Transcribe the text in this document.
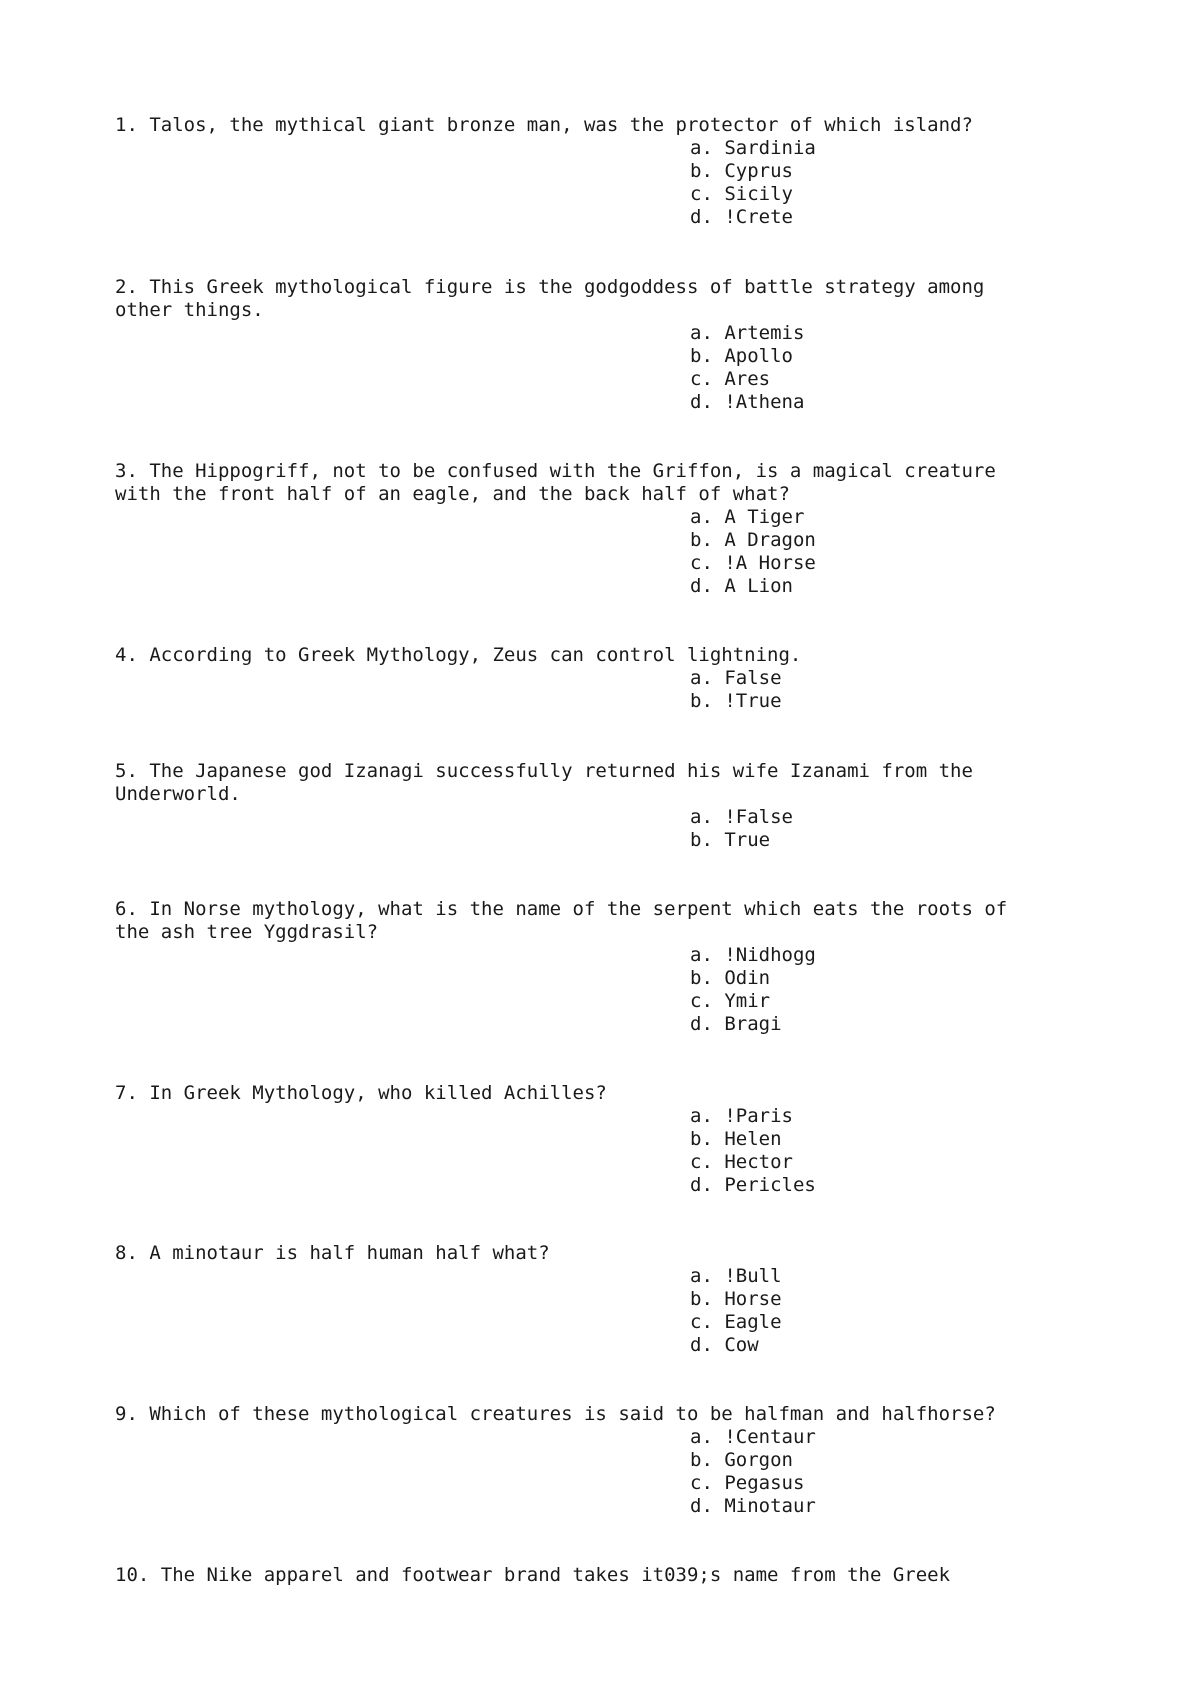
1. Talos, the mythical giant bronze man, was the protector of which island?

a. Sardinia
b. Cyprus
c. Sicily
d. !Crete

2. This Greek mythological figure is the godgoddess of battle strategy among
other things.

a. Artemis
b. Apollo
c. Ares
d. !Athena

3. The Hippogriff, not to be confused with the Griffon, is a magical creature
with the front half of an eagle, and the back half of what?

a. A Tiger
b. A Dragon
c. !A Horse
d. A Lion

4. According to Greek Mythology, Zeus can control lightning.

a. False
b. !True

5. The Japanese god Izanagi successfully returned his wife Izanami from the
Underworld.

a. !False
b. True

6. In Norse mythology, what is the name of the serpent which eats the roots of
the ash tree Yggdrasil?

a. !Nidhogg
b. Odin
c. Ymir
d. Bragi

7. In Greek Mythology, who killed Achilles?

a. !Paris
b. Helen
c. Hector
d. Pericles

8. A minotaur is half human half what?

a. !Bull
b. Horse
c. Eagle
d. Cow

9. Which of these mythological creatures is said to be halfman and halfhorse?

a. !Centaur
b. Gorgon
c. Pegasus
d. Minotaur

10. The Nike apparel and footwear brand takes it039;s name from the Greek
